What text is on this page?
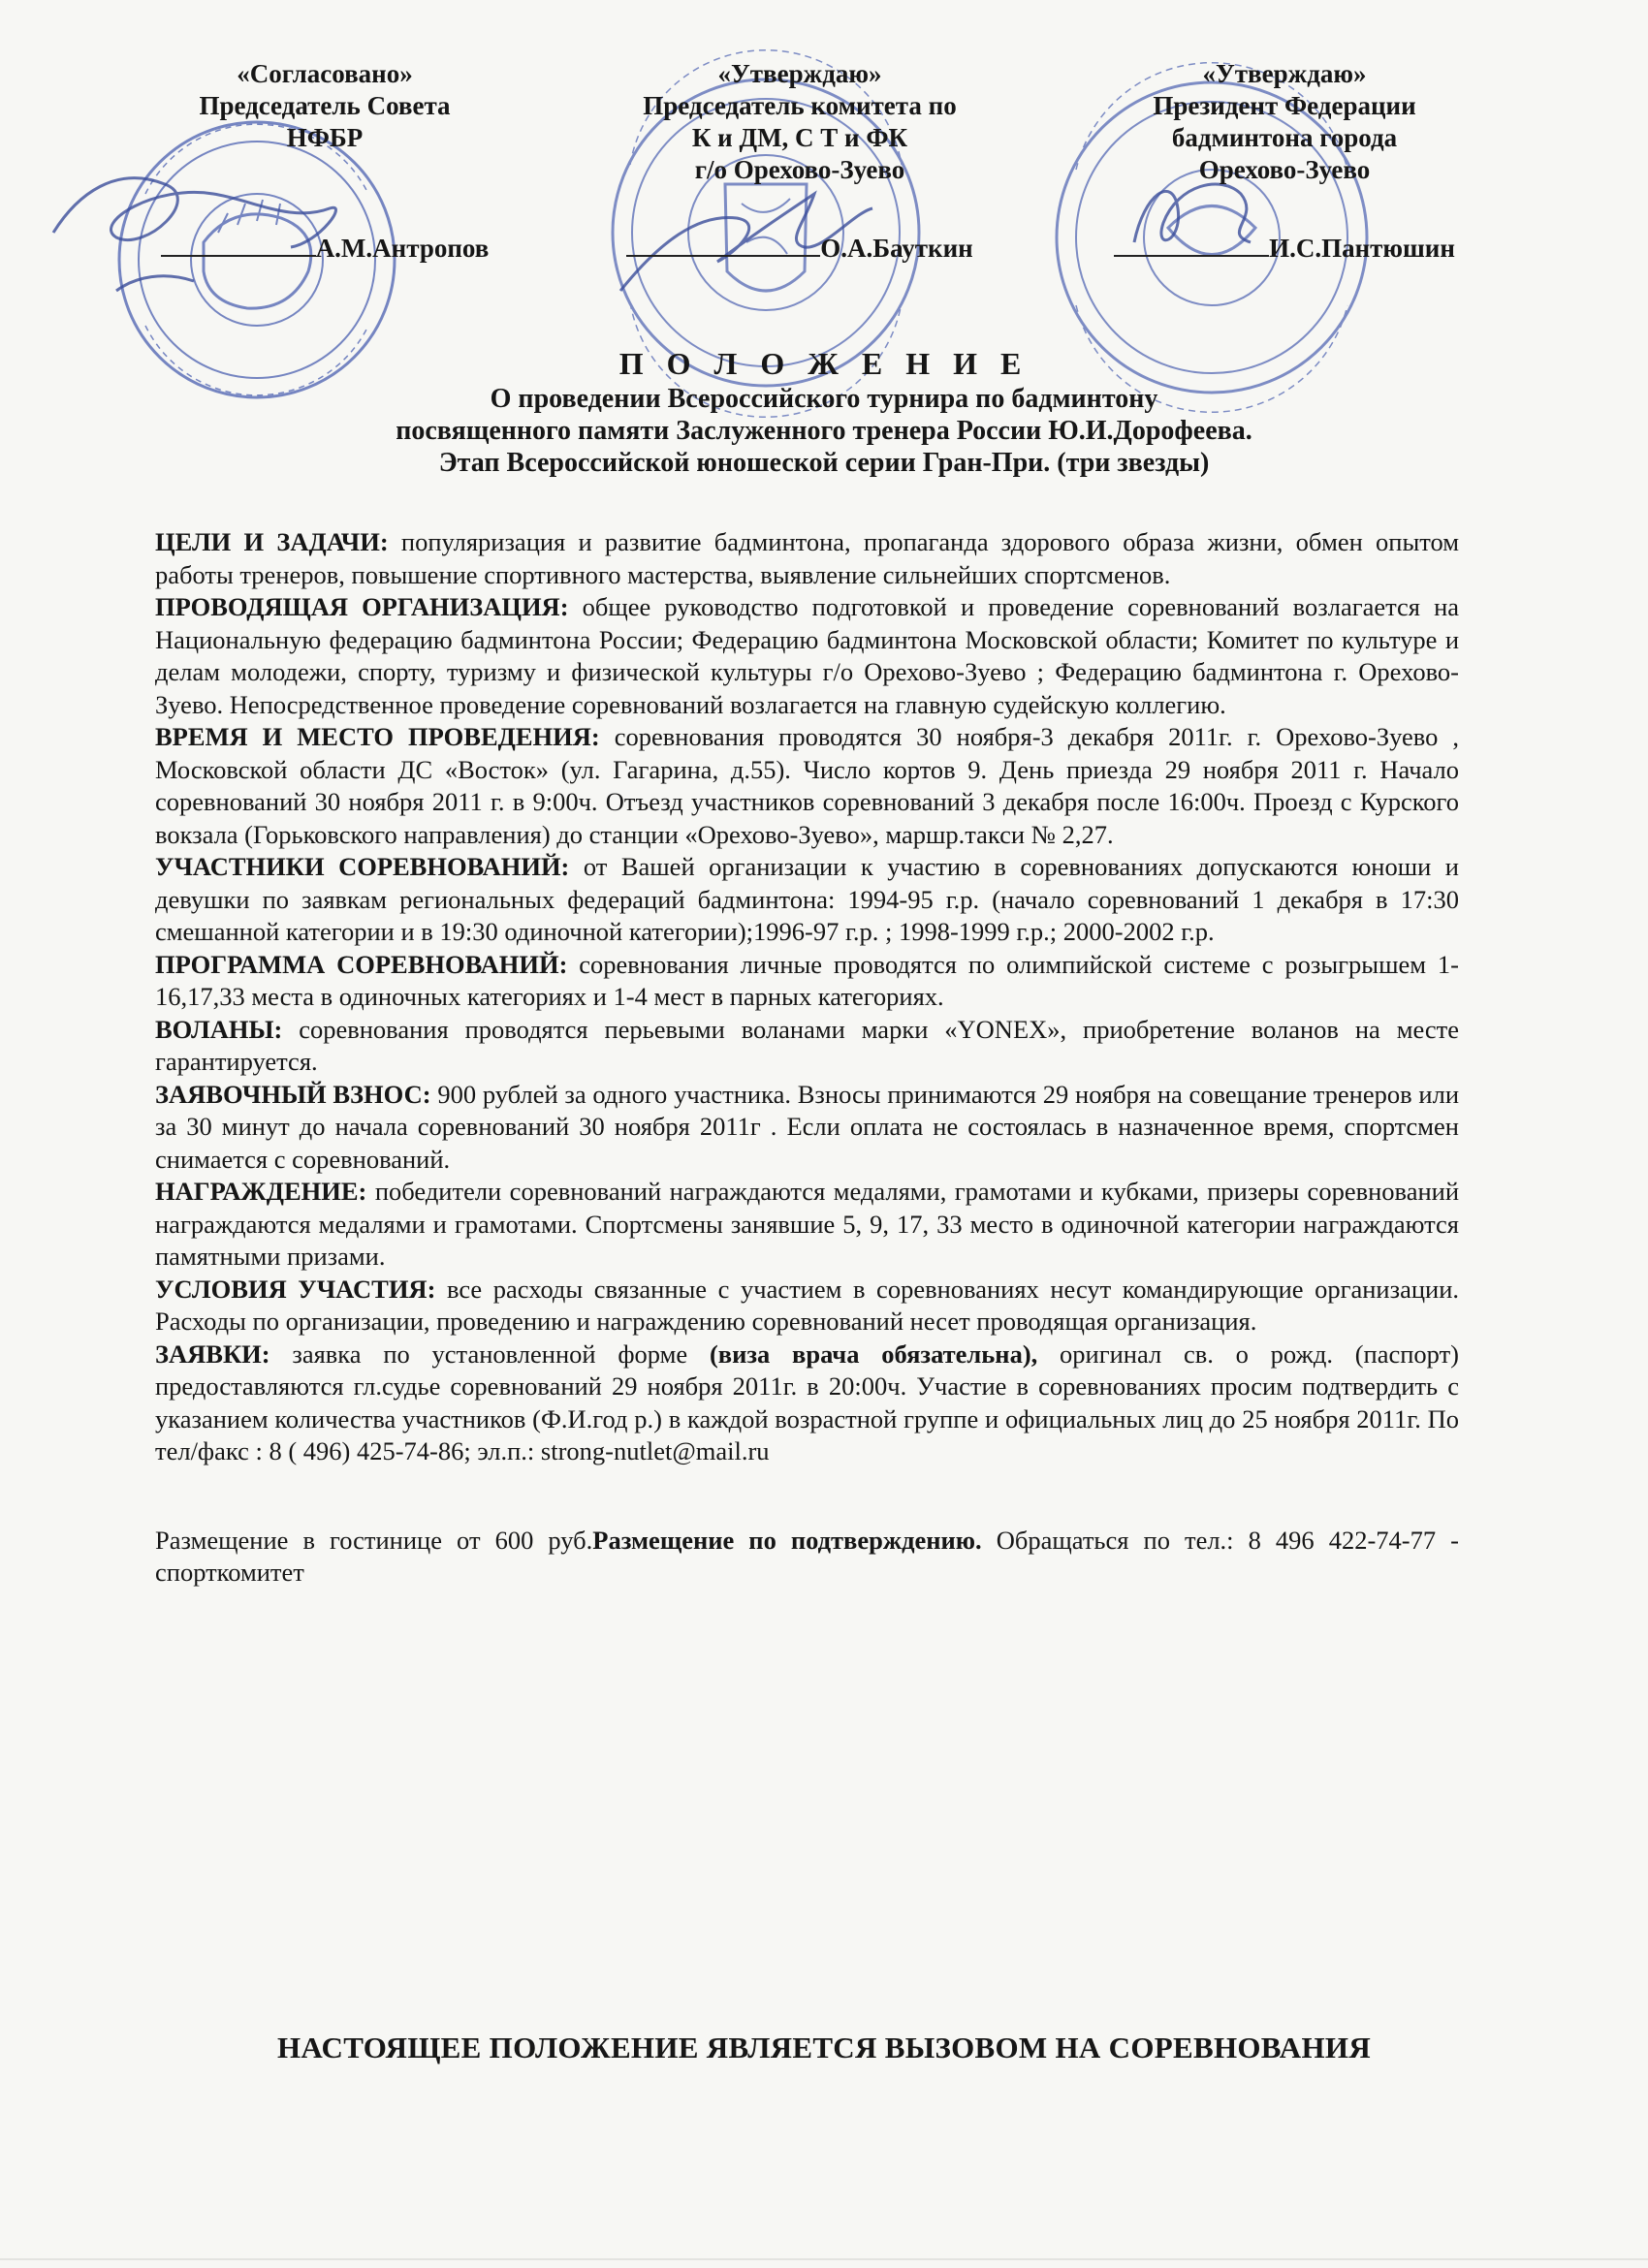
«Согласовано»
Председатель Совета
НФБР
А.М.Антропов
«Утверждаю»
Председатель комитета по
К и ДМ, С Т и ФК
г/о Орехово-Зуево
О.А.Бауткин
«Утверждаю»
Президент Федерации
бадминтона города
Орехово-Зуево
И.С.Пантюшин
П О Л О Ж Е Н И Е
О проведении Всероссийского турнира по бадминтону
посвященного памяти Заслуженного тренера России Ю.И.Дорофеева.
Этап Всероссийской юношеской серии Гран-При. (три звезды)

ЦЕЛИ И ЗАДАЧИ: популяризация и развитие бадминтона, пропаганда здорового образа жизни, обмен опытом работы тренеров, повышение спортивного мастерства, выявление сильнейших спортсменов.

ПРОВОДЯЩАЯ ОРГАНИЗАЦИЯ: общее руководство подготовкой и проведение соревнований возлагается на Национальную федерацию бадминтона России; Федерацию бадминтона Московской области; Комитет по культуре и делам молодежи, спорту, туризму и физической культуры г/о Орехово-Зуево ; Федерацию бадминтона г. Орехово-Зуево. Непосредственное проведение соревнований возлагается на главную судейскую коллегию.

ВРЕМЯ И МЕСТО ПРОВЕДЕНИЯ: соревнования проводятся 30 ноября-3 декабря 2011г. г. Орехово-Зуево , Московской области ДС «Восток» (ул. Гагарина, д.55). Число кортов 9. День приезда 29 ноября 2011 г. Начало соревнований 30 ноября 2011 г. в 9:00ч. Отъезд участников соревнований 3 декабря после 16:00ч. Проезд с Курского вокзала (Горьковского направления) до станции «Орехово-Зуево», маршр.такси № 2,27.

УЧАСТНИКИ СОРЕВНОВАНИЙ: от Вашей организации к участию в соревнованиях допускаются юноши и девушки по заявкам региональных федераций бадминтона: 1994-95 г.р. (начало соревнований 1 декабря в 17:30 смешанной категории и в 19:30 одиночной категории);1996-97 г.р. ; 1998-1999 г.р.; 2000-2002 г.р.

ПРОГРАММА СОРЕВНОВАНИЙ: соревнования личные проводятся по олимпийской системе с розыгрышем 1-16,17,33 места в одиночных категориях и 1-4 мест в парных категориях.

ВОЛАНЫ: соревнования проводятся перьевыми воланами марки «YONEX», приобретение воланов на месте гарантируется.

ЗАЯВОЧНЫЙ ВЗНОС: 900 рублей за одного участника. Взносы принимаются 29 ноября на совещание тренеров или за 30 минут до начала соревнований 30 ноября 2011г . Если оплата не состоялась в назначенное время, спортсмен снимается с соревнований.

НАГРАЖДЕНИЕ: победители соревнований награждаются медалями, грамотами и кубками, призеры соревнований награждаются медалями и грамотами. Спортсмены занявшие 5, 9, 17, 33 место в одиночной категории награждаются памятными призами.

УСЛОВИЯ УЧАСТИЯ: все расходы связанные с участием в соревнованиях несут командирующие организации. Расходы по организации, проведению и награждению соревнований несет проводящая организация.

ЗАЯВКИ: заявка по установленной форме (виза врача обязательна), оригинал св. о рожд. (паспорт) предоставляются гл.судье соревнований 29 ноября 2011г. в 20:00ч. Участие в соревнованиях просим подтвердить с указанием количества участников (Ф.И.год р.) в каждой возрастной группе и официальных лиц до 25 ноября 2011г. По тел/факс : 8 ( 496) 425-74-86; эл.п.: strong-nutlet@mail.ru

Размещение в гостинице от 600 руб.Размещение по подтверждению. Обращаться по тел.: 8 496 422-74-77 - спорткомитет

НАСТОЯЩЕЕ ПОЛОЖЕНИЕ ЯВЛЯЕТСЯ ВЫЗОВОМ НА СОРЕВНОВАНИЯ
